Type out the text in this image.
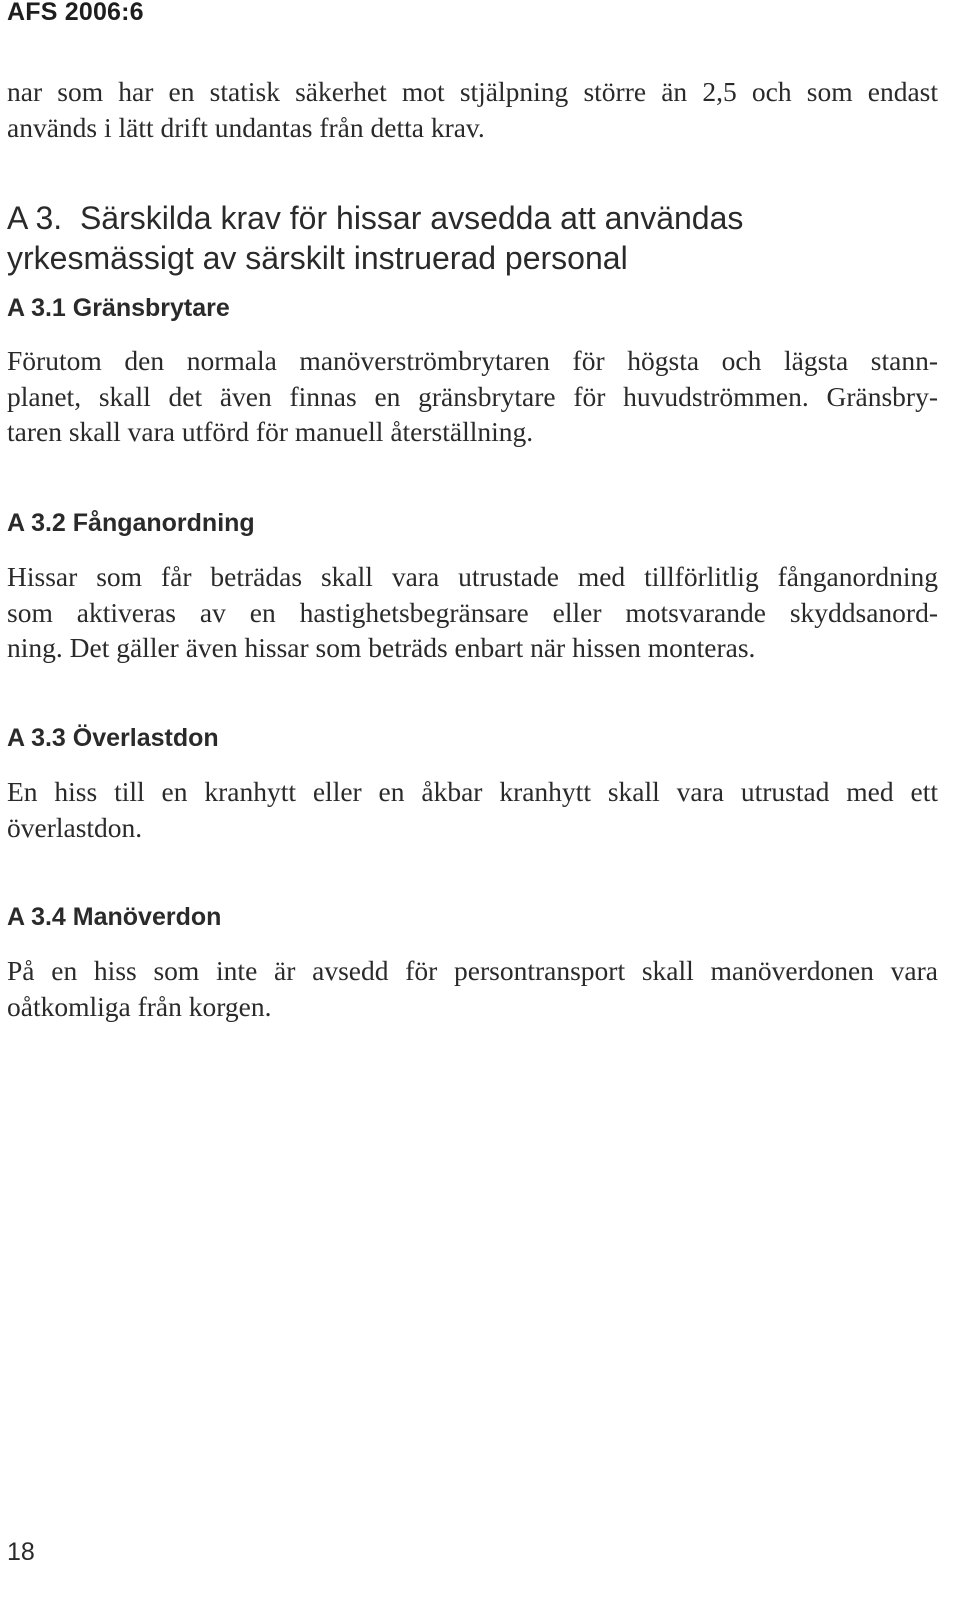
AFS 2006:6
nar som har en statisk säkerhet mot stjälpning större än 2,5 och som endast
används i lätt drift undantas från detta krav.
A 3.  Särskilda krav för hissar avsedda att användas
yrkesmässigt av särskilt instruerad personal
A 3.1 Gränsbrytare
Förutom den normala manöverströmbrytaren för högsta och lägsta stann-
planet, skall det även finnas en gränsbrytare för huvudströmmen. Gränsbry-
taren skall vara utförd för manuell återställning.
A 3.2 Fånganordning
Hissar som får beträdas skall vara utrustade med tillförlitlig fånganordning
som aktiveras av en hastighetsbegränsare eller motsvarande skyddsanord-
ning. Det gäller även hissar som beträds enbart när hissen monteras.
A 3.3 Överlastdon
En hiss till en kranhytt eller en åkbar kranhytt skall vara utrustad med ett
överlastdon.
A 3.4 Manöverdon
På en hiss som inte är avsedd för persontransport skall manöverdonen vara
oåtkomliga från korgen.
18
